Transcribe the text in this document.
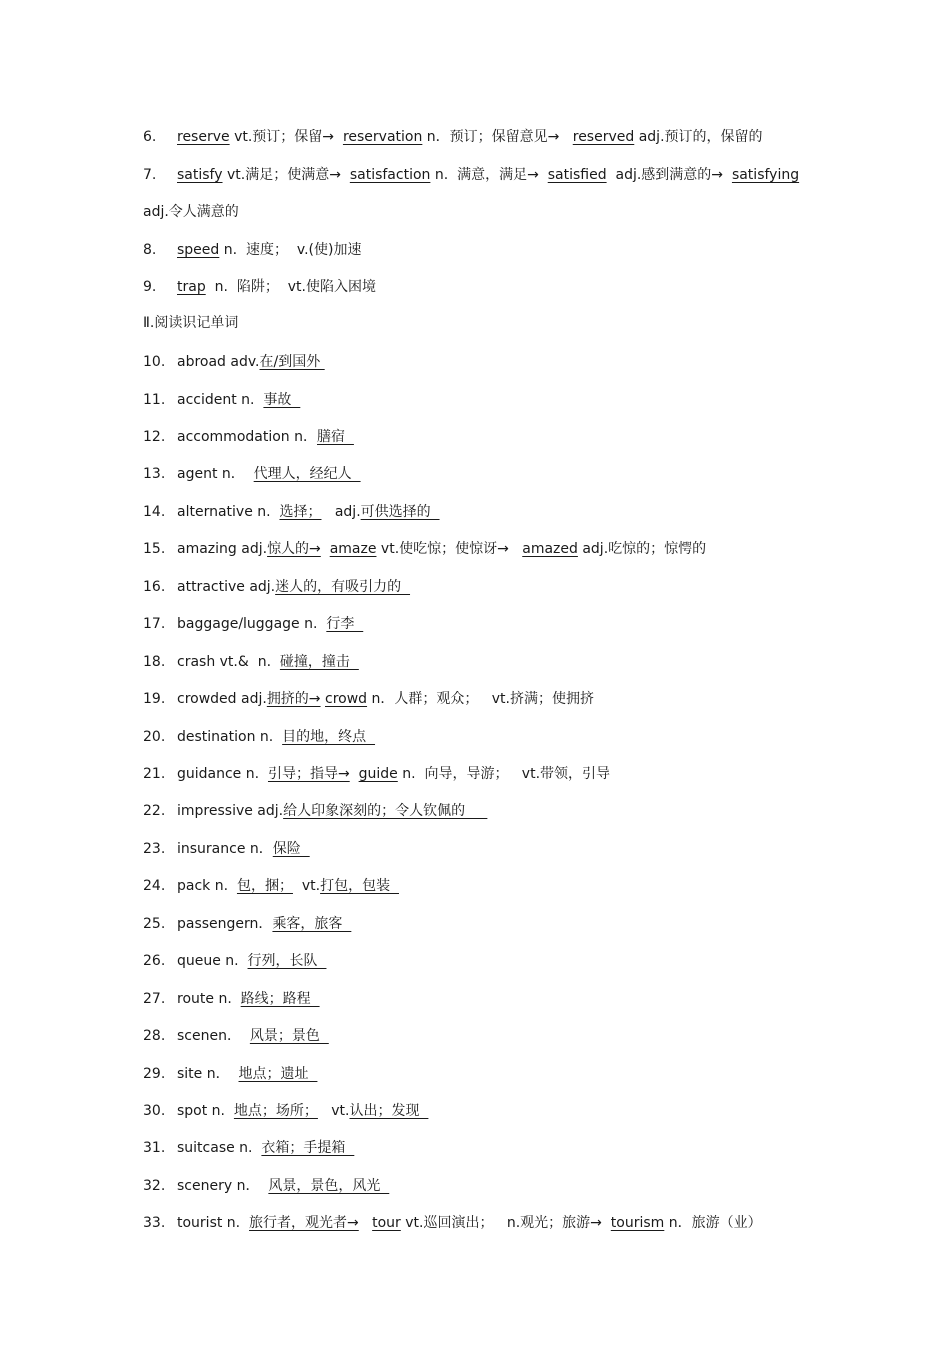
6. reserve vt.预订；保留→  reservation n．预订；保留意见→   reserved adj.预订的，保留的
7. satisfy vt.满足；使满意→  satisfaction n.  满意，满足→  satisfied  adj.感到满意的→  satisfying
adj.令人满意的
8. speed n.  速度；  v.(使)加速
9. trap  n.  陷阱；  vt.使陷入困境
Ⅱ.阅读识记单词
10. abroad adv.在/到国外
11. accident n.  事故
12. accommodation n．膳宿
13. agent n．  代理人，经纪人
14. alternative n.  选择；   adj.可供选择的
15. amazing adj.惊人的→ amaze vt.使吃惊；使惊讶→   amazed adj.吃惊的；惊愕的
16. attractive adj.迷人的，有吸引力的
17. baggage/luggage n.  行李
18. crash vt.&  n.  碰撞，撞击
19. crowded adj.拥挤的→ crowd n．人群；观众；   vt.挤满；使拥挤
20. destination n.  目的地，终点
21. guidance n.  引导；指导→ guide n.  向导，导游；   vt.带领，引导
22. impressive adj.给人印象深刻的；令人钦佩的
23. insurance n．保险
24. pack n.  包，捆；  vt.打包，包装
25. passengern．乘客，旅客
26. queue n.  行列，长队
27. route n.  路线；路程
28. scenen．  风景；景色
29. site n．  地点；遗址
30. spot n.  地点；场所；   vt.认出；发现
31. suitcase n.  衣箱；手提箱
32. scenery n．  风景，景色，风光
33. tourist n.  旅行者，观光者→ tour vt.巡回演出；   n.观光；旅游→  tourism n．旅游（业）
